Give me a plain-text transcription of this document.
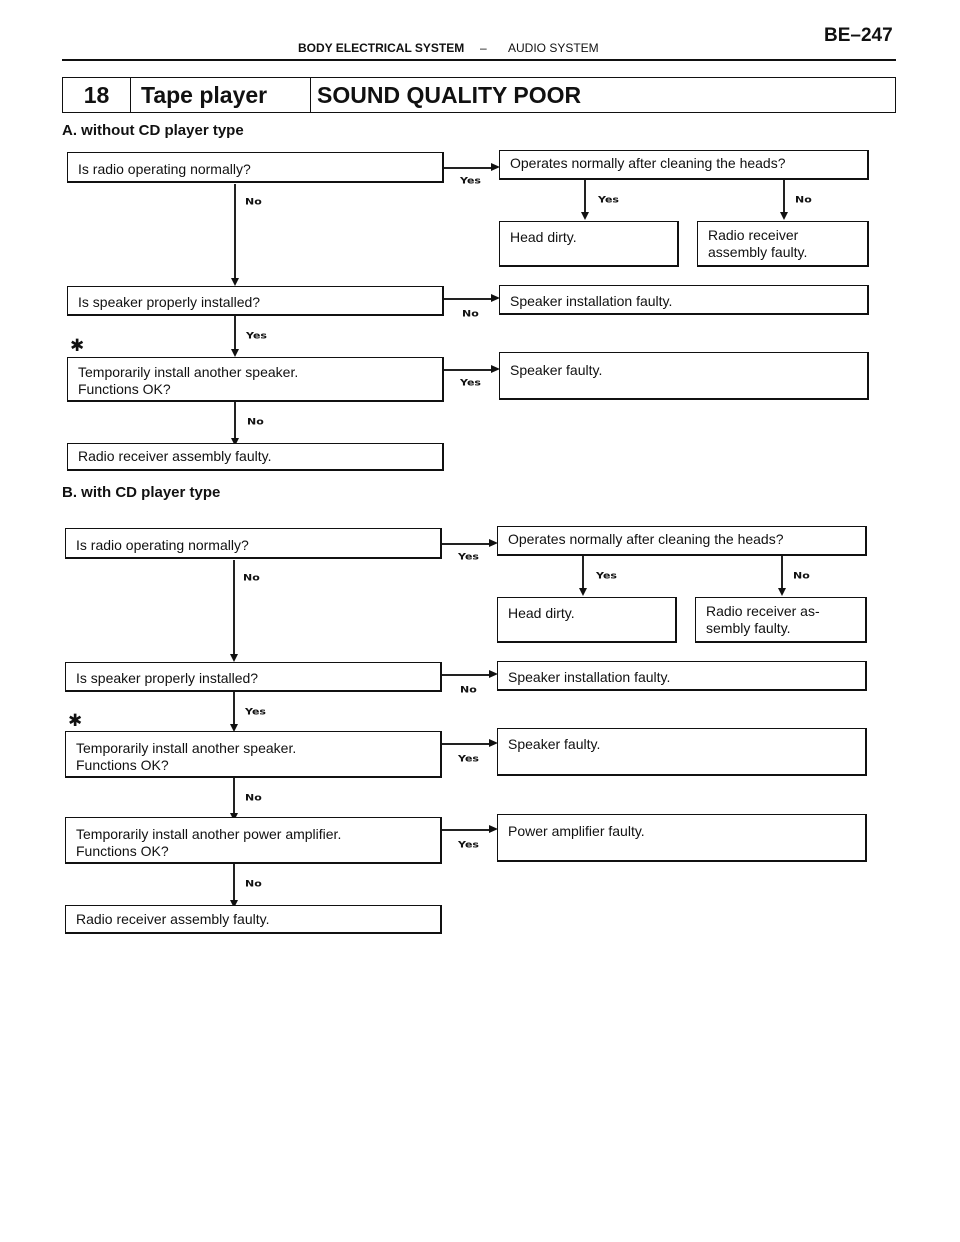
BODY ELECTRICAL SYSTEM – AUDIO SYSTEM
BE–247
18	Tape player	SOUND QUALITY POOR
A. without CD player type
Yes
No	Yes	No
No
Yes
Yes
No
✱
Is radio operating normally?	Operates normally after cleaning the heads?
Head dirty.	Radio receiver
assembly faulty.
Is speaker properly installed?	Speaker installation faulty.
Temporarily install another speaker.
Functions OK?
Speaker faulty.
Radio receiver assembly faulty.
B. with CD player type
Yes
No	Yes	No
No
Yes
Yes
No
Yes
No
✱
Is radio operating normally?	Operates normally after cleaning the heads?
Head dirty.	Radio receiver as-
sembly faulty.
Is speaker properly installed?	Speaker installation faulty.
Temporarily install another speaker.
Functions OK?
Speaker faulty.
Temporarily install another power amplifier.
Functions OK?
Power amplifier faulty.
Radio receiver assembly faulty.
